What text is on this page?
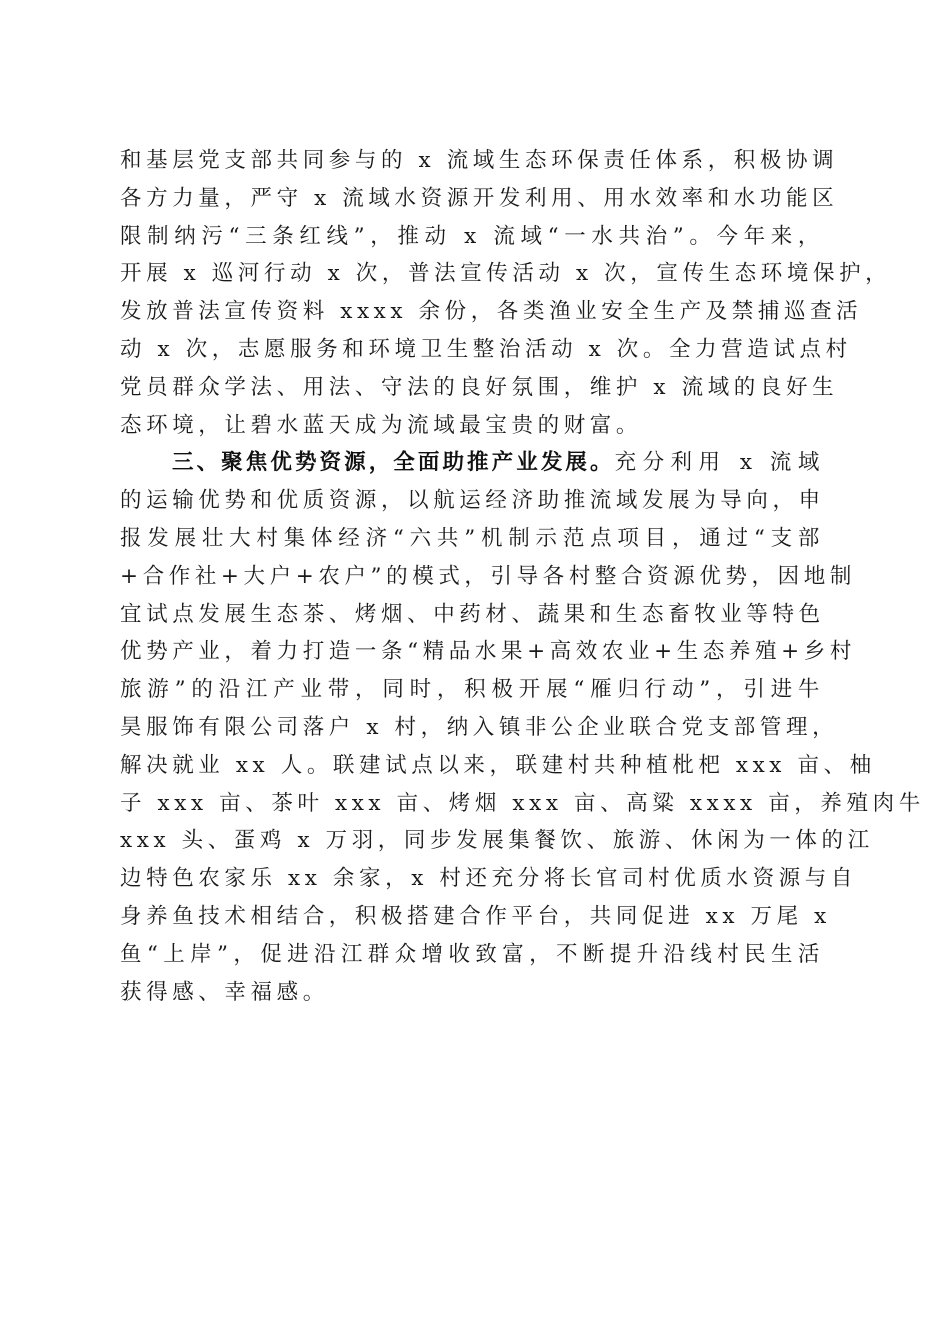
和基层党支部共同参与的 x 流域生态环保责任体系，积极协调
各方力量，严守 x 流域水资源开发利用、用水效率和水功能区
限制纳污“三条红线”，推动 x 流域“一水共治”。今年来，
开展 x 巡河行动 x 次，普法宣传活动 x 次，宣传生态环境保护，
发放普法宣传资料 xxxx 余份，各类渔业安全生产及禁捕巡查活
动 x 次，志愿服务和环境卫生整治活动 x 次。全力营造试点村
党员群众学法、用法、守法的良好氛围，维护 x 流域的良好生
态环境，让碧水蓝天成为流域最宝贵的财富。
三、聚焦优势资源，全面助推产业发展。充分利用 x 流域
的运输优势和优质资源，以航运经济助推流域发展为导向，申
报发展壮大村集体经济“六共”机制示范点项目，通过“支部
+合作社+大户+农户”的模式，引导各村整合资源优势，因地制
宜试点发展生态茶、烤烟、中药材、蔬果和生态畜牧业等特色
优势产业，着力打造一条“精品水果+高效农业+生态养殖+乡村
旅游”的沿江产业带，同时，积极开展“雁归行动”，引进牛
昊服饰有限公司落户 x 村，纳入镇非公企业联合党支部管理，
解决就业 xx 人。联建试点以来，联建村共种植枇杷 xxx 亩、柚
子 xxx 亩、茶叶 xxx 亩、烤烟 xxx 亩、高粱 xxxx 亩，养殖肉牛
xxx 头、蛋鸡 x 万羽，同步发展集餐饮、旅游、休闲为一体的江
边特色农家乐 xx 余家，x 村还充分将长官司村优质水资源与自
身养鱼技术相结合，积极搭建合作平台，共同促进 xx 万尾 x
鱼“上岸”，促进沿江群众增收致富，不断提升沿线村民生活
获得感、幸福感。
